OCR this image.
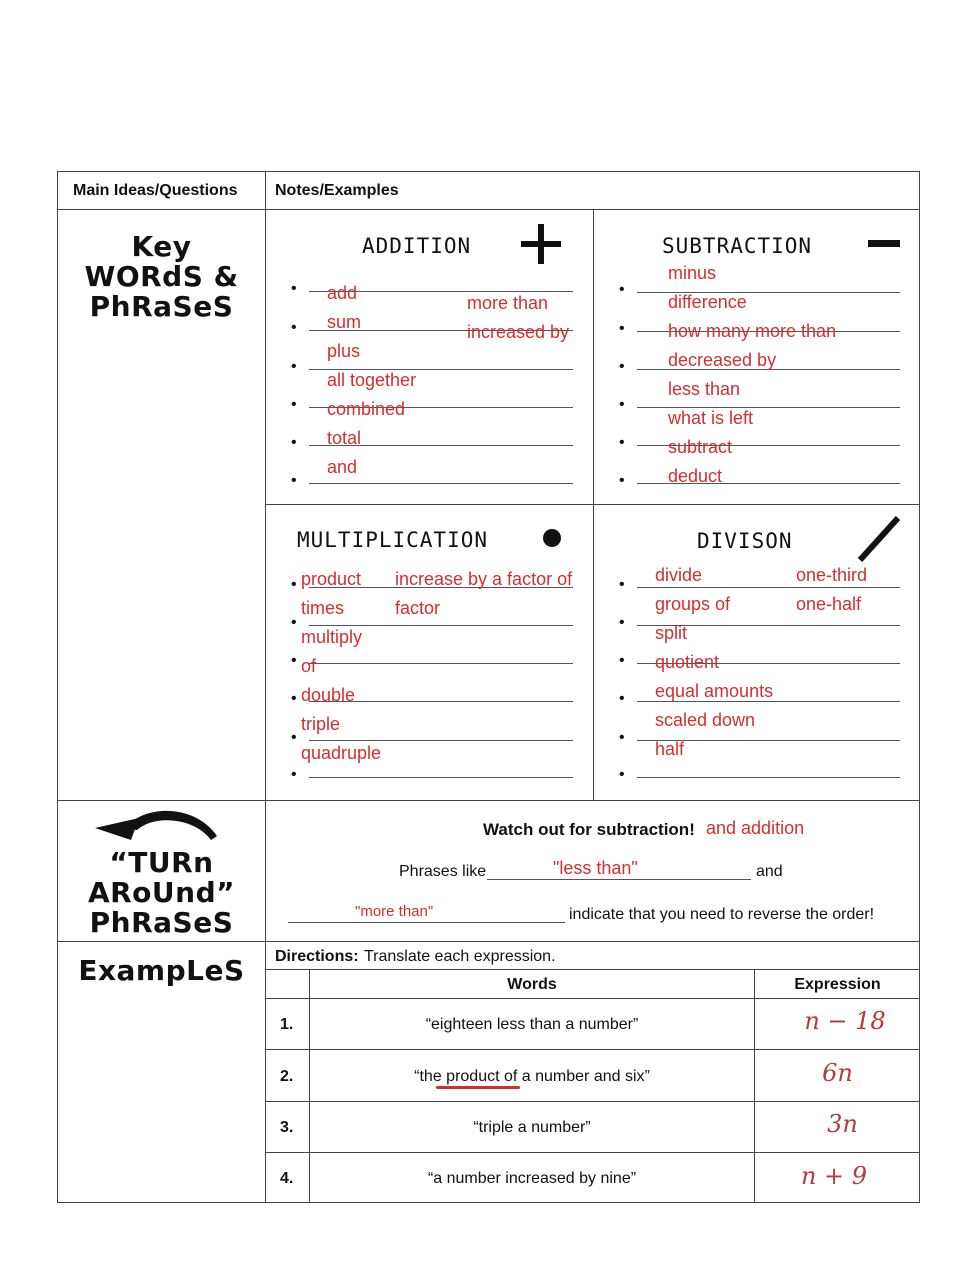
Main Ideas/Questions Notes/Examples
Key
WORdS &
PhRaSeS
“TURn
ARoUnd”
PhRaSeS
ExampLeS
ADDITION
•
•
•
•
•
•
add
sum
plus
all together
combined
total
and
more than
increased by
SUBTRACTION
•
•
•
•
•
•
minus
difference
how many more than
decreased by
less than
what is left
subtract
deduct
MULTIPLICATION
•
•
•
•
•
•
product
times
multiply
of
double
triple
quadruple
increase by a factor of
factor
DIVISON
•
•
•
•
•
•
divide
groups of
split
quotient
equal amounts
scaled down
half
one-third
one-half
Watch out for subtraction! and addition
Phrases like	"less than"	and
"more than"	indicate that you need to reverse the order!
Directions: Translate each expression.
Words	Expression
1.	“eighteen less than a number”	n − 18
2.	“the product of a number and six”	6n
3.	“triple a number”	3n
4.	“a number increased by nine”	n + 9
